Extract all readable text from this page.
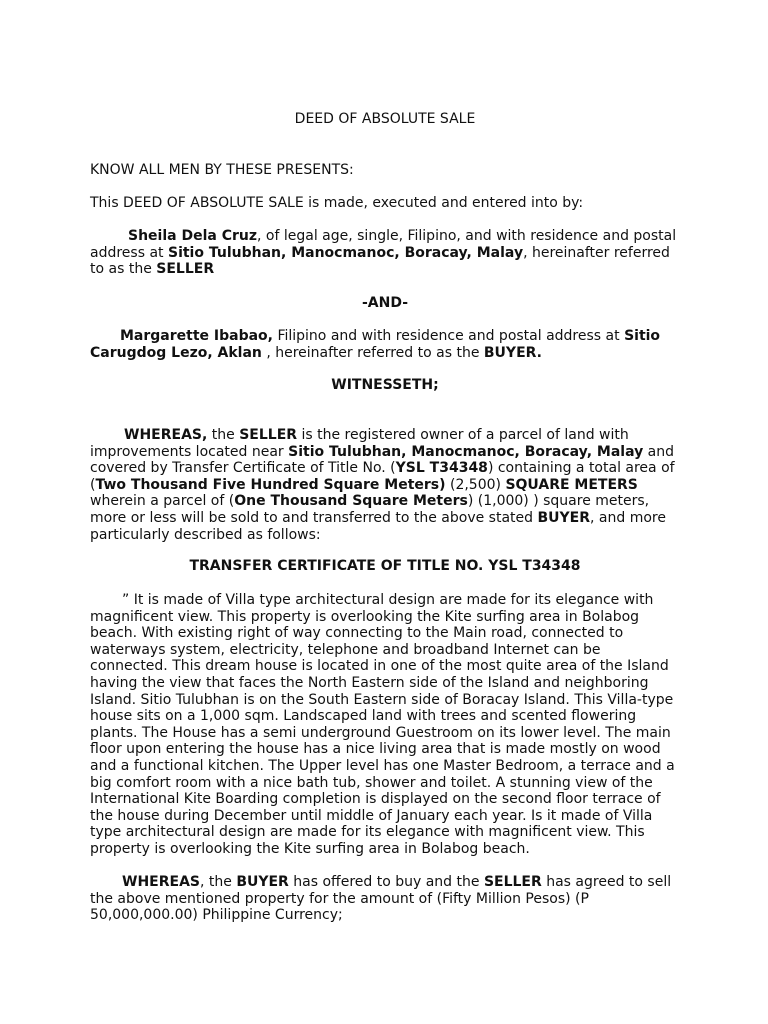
DEED OF ABSOLUTE SALE

KNOW ALL MEN BY THESE PRESENTS:

This DEED OF ABSOLUTE SALE is made, executed and entered into by:

Sheila Dela Cruz, of legal age, single, Filipino, and with residence and postal address at Sitio Tulubhan, Manocmanoc, Boracay, Malay, hereinafter referred to as the SELLER

-AND-

Margarette Ibabao, Filipino and with residence and postal address at Sitio Carugdog Lezo, Aklan , hereinafter referred to as the BUYER.

WITNESSETH;

WHEREAS, the SELLER is the registered owner of a parcel of land with improvements located near Sitio Tulubhan, Manocmanoc, Boracay, Malay and covered by Transfer Certificate of Title No. (YSL T34348) containing a total area of (Two Thousand Five Hundred Square Meters) (2,500) SQUARE METERS wherein a parcel of (One Thousand Square Meters) (1,000) ) square meters, more or less will be sold to and transferred to the above stated BUYER, and more particularly described as follows:

TRANSFER CERTIFICATE OF TITLE NO. YSL T34348

” It is made of Villa type architectural design are made for its elegance with magnificent view. This property is overlooking the Kite surfing area in Bolabog beach. With existing right of way connecting to the Main road, connected to waterways system, electricity, telephone and broadband Internet can be connected. This dream house is located in one of the most quite area of the Island having the view that faces the North Eastern side of the Island and neighboring Island. Sitio Tulubhan is on the South Eastern side of Boracay Island. This Villa-type house sits on a 1,000 sqm. Landscaped land with trees and scented flowering plants. The House has a semi underground Guestroom on its lower level. The main floor upon entering the house has a nice living area that is made mostly on wood and a functional kitchen. The Upper level has one Master Bedroom, a terrace and a big comfort room with a nice bath tub, shower and toilet. A stunning view of the International Kite Boarding completion is displayed on the second floor terrace of the house during December until middle of January each year. Is it made of Villa type architectural design are made for its elegance with magnificent view. This property is overlooking the Kite surfing area in Bolabog beach.

WHEREAS, the BUYER has offered to buy and the SELLER has agreed to sell the above mentioned property for the amount of (Fifty Million Pesos) (P 50,000,000.00) Philippine Currency;
